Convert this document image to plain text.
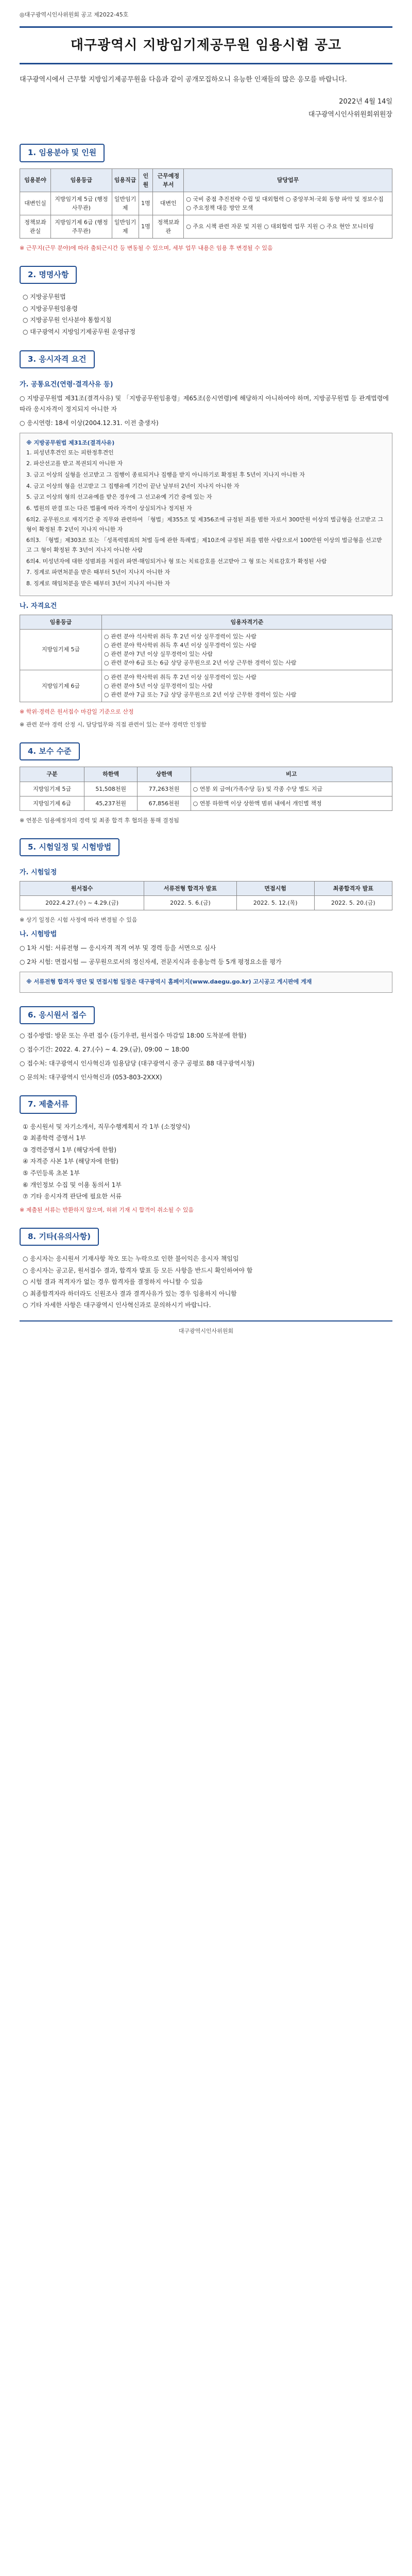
◎대구광역시인사위원회 공고 제2022-45호
대구광역시 지방임기제공무원 임용시험 공고

대구광역시에서 근무할 지방임기제공무원을 다음과 같이 공개모집하오니 유능한 인재들의 많은 응모를 바랍니다.

2022년 4월 14일
대구광역시인사위원회위원장
1. 임용분야 및 인원
임용분야	임용등급	임용직급	인원	근무예정부서	담당업무
대변인실	지방임기제 5급 (행정사무관)	일반임기제	1명	대변인	○ 국비 중점 추진전략 수립 및 대외협력 ○ 중앙부처·국회 동향 파악 및 정보수집 ○ 주요정책 대응 방안 모색
정책보좌관실	지방임기제 6급 (행정주무관)	일반임기제	1명	정책보좌관	○ 주요 시책 관련 자문 및 지원 ○ 대외협력 업무 지원 ○ 주요 현안 모니터링

※ 근무지(근무 분야)에 따라 출퇴근시간 등 변동될 수 있으며, 세부 업무 내용은 임용 후 변경될 수 있음

2. 명명사항
○ 지방공무원법
○ 지방공무원임용령
○ 지방공무원 인사분야 통합지침
○ 대구광역시 지방임기제공무원 운영규정
3. 응시자격 요건
가. 공통요건(연령·결격사유 등)

○ 지방공무원법 제31조(결격사유) 및 「지방공무원임용령」제65조(응시연령)에 해당하지 아니하여야 하며, 지방공무원법 등 관계법령에 따라 응시자격이 정지되지 아니한 자

○ 응시연령: 18세 이상(2004.12.31. 이전 출생자)

※ 지방공무원법 제31조(결격사유)
1. 피성년후견인 또는 피한정후견인
2. 파산선고를 받고 복권되지 아니한 자
3. 금고 이상의 실형을 선고받고 그 집행이 종료되거나 집행을 받지 아니하기로 확정된 후 5년이 지나지 아니한 자
4. 금고 이상의 형을 선고받고 그 집행유예 기간이 끝난 날부터 2년이 지나지 아니한 자
5. 금고 이상의 형의 선고유예를 받은 경우에 그 선고유예 기간 중에 있는 자
6. 법원의 판결 또는 다른 법률에 따라 자격이 상실되거나 정지된 자
6의2. 공무원으로 재직기간 중 직무와 관련하여 「형법」제355조 및 제356조에 규정된 죄를 범한 자로서 300만원 이상의 벌금형을 선고받고 그 형이 확정된 후 2년이 지나지 아니한 자
6의3. 「형법」제303조 또는 「성폭력범죄의 처벌 등에 관한 특례법」제10조에 규정된 죄를 범한 사람으로서 100만원 이상의 벌금형을 선고받고 그 형이 확정된 후 3년이 지나지 아니한 사람
6의4. 미성년자에 대한 성범죄를 저질러 파면·해임되거나 형 또는 치료감호를 선고받아 그 형 또는 치료감호가 확정된 사람
7. 징계로 파면처분을 받은 때부터 5년이 지나지 아니한 자
8. 징계로 해임처분을 받은 때부터 3년이 지나지 아니한 자
나. 자격요건
임용등급	임용자격기준
지방임기제 5급	○ 관련 분야 석사학위 취득 후 2년 이상 실무경력이 있는 사람
○ 관련 분야 학사학위 취득 후 4년 이상 실무경력이 있는 사람
○ 관련 분야 7년 이상 실무경력이 있는 사람
○ 관련 분야 6급 또는 6급 상당 공무원으로 2년 이상 근무한 경력이 있는 사람
지방임기제 6급	○ 관련 분야 학사학위 취득 후 2년 이상 실무경력이 있는 사람
○ 관련 분야 5년 이상 실무경력이 있는 사람
○ 관련 분야 7급 또는 7급 상당 공무원으로 2년 이상 근무한 경력이 있는 사람

※ 학위·경력은 원서접수 마감일 기준으로 산정

※ 관련 분야 경력 산정 시, 담당업무와 직접 관련이 있는 분야 경력만 인정함

4. 보수 수준
구분	하한액	상한액	비고
지방임기제 5급	51,508천원	77,263천원	○ 연봉 외 급여(가족수당 등) 및 각종 수당 별도 지급
지방임기제 6급	45,237천원	67,856천원	○ 연봉 하한액 이상 상한액 범위 내에서 개인별 책정

※ 연봉은 임용예정자의 경력 및 최종 합격 후 협의를 통해 결정됨

5. 시험일정 및 시험방법
가. 시험일정
원서접수	서류전형 합격자 발표	면접시험	최종합격자 발표
2022.4.27.(수) ~ 4.29.(금)	2022. 5. 6.(금)	2022. 5. 12.(목)	2022. 5. 20.(금)

※ 상기 일정은 시험 사정에 따라 변경될 수 있음

나. 시험방법

○ 1차 시험: 서류전형 — 응시자격 적격 여부 및 경력 등을 서면으로 심사

○ 2차 시험: 면접시험 — 공무원으로서의 정신자세, 전문지식과 응용능력 등 5개 평정요소를 평가

※ 서류전형 합격자 명단 및 면접시험 일정은 대구광역시 홈페이지(www.daegu.go.kr) 고시공고 게시판에 게재
6. 응시원서 접수

○ 접수방법: 방문 또는 우편 접수 (등기우편, 원서접수 마감일 18:00 도착분에 한함)

○ 접수기간: 2022. 4. 27.(수) ~ 4. 29.(금), 09:00 ~ 18:00

○ 접수처: 대구광역시 인사혁신과 임용담당 (대구광역시 중구 공평로 88 대구광역시청)

○ 문의처: 대구광역시 인사혁신과 (053-803-2XXX)

7. 제출서류
① 응시원서 및 자기소개서, 직무수행계획서 각 1부 (소정양식)
② 최종학력 증명서 1부
③ 경력증명서 1부 (해당자에 한함)
④ 자격증 사본 1부 (해당자에 한함)
⑤ 주민등록 초본 1부
⑥ 개인정보 수집 및 이용 동의서 1부
⑦ 기타 응시자격 판단에 필요한 서류

※ 제출된 서류는 반환하지 않으며, 허위 기재 시 합격이 취소될 수 있음

8. 기타(유의사항)
○ 응시자는 응시원서 기재사항 착오 또는 누락으로 인한 불이익은 응시자 책임임
○ 응시자는 공고문, 원서접수 결과, 합격자 발표 등 모든 사항을 반드시 확인하여야 함
○ 시험 결과 적격자가 없는 경우 합격자를 결정하지 아니할 수 있음
○ 최종합격자라 하더라도 신원조사 결과 결격사유가 있는 경우 임용하지 아니함
○ 기타 자세한 사항은 대구광역시 인사혁신과로 문의하시기 바랍니다.
대구광역시인사위원회
